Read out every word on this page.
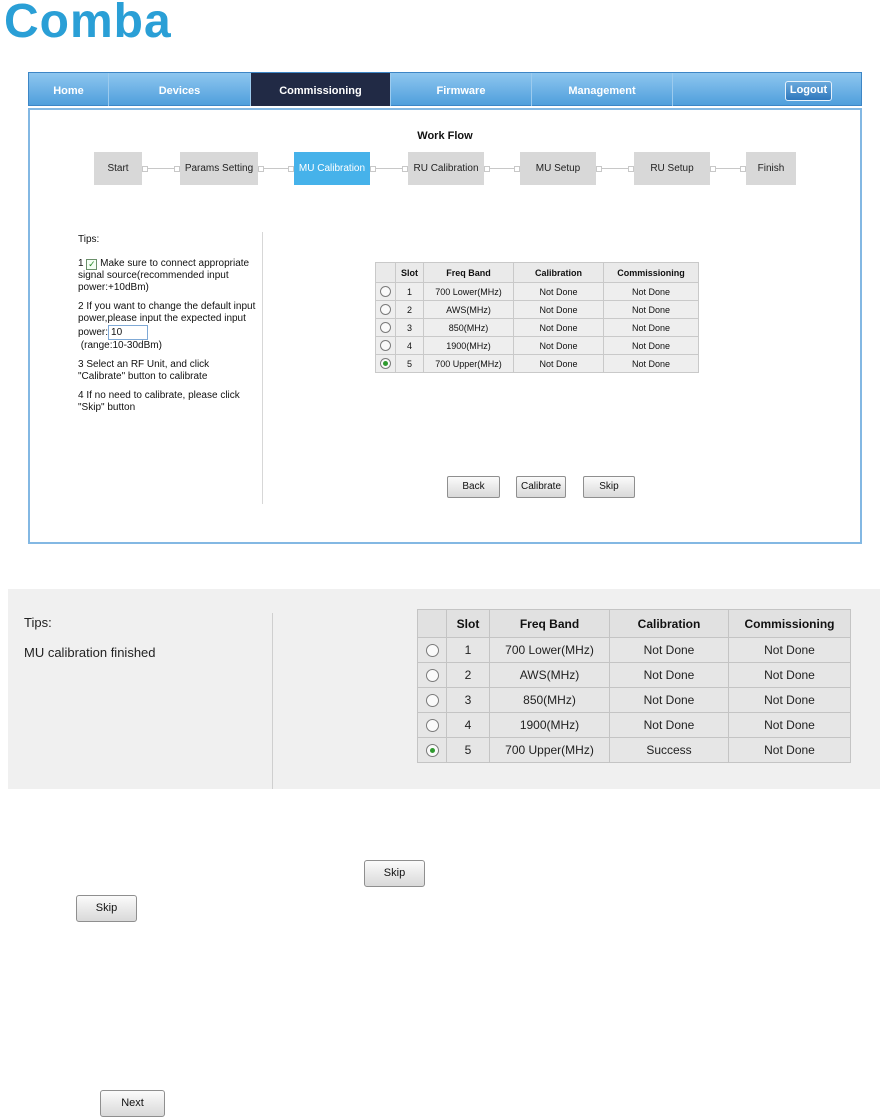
Comba
Home	Devices	Commissioning	Firmware	Management	Logout
Work Flow
Start	Params Setting	MU Calibration	RU Calibration	MU Setup	RU Setup	Finish

Tips:

1 ✓ Make sure to connect appropriate signal source(recommended input power:+10dBm)

2 If you want to change the default input power,please input the expected input power: 10
(range:10-30dBm)

3 Select an RF Unit, and click "Calibrate" button to calibrate

4 If no need to calibrate, please click "Skip" button

	Slot	Freq Band	Calibration	Commissioning
	1	700 Lower(MHz)	Not Done	Not Done
	2	AWS(MHz)	Not Done	Not Done
	3	850(MHz)	Not Done	Not Done
	4	1900(MHz)	Not Done	Not Done
	5	700 Upper(MHz)	Not Done	Not Done
Back	Calibrate	Skip

Tips:

MU calibration finished

	Slot	Freq Band	Calibration	Commissioning
	1	700 Lower(MHz)	Not Done	Not Done
	2	AWS(MHz)	Not Done	Not Done
	3	850(MHz)	Not Done	Not Done
	4	1900(MHz)	Not Done	Not Done
	5	700 Upper(MHz)	Success	Not Done
Skip
Skip
Next
